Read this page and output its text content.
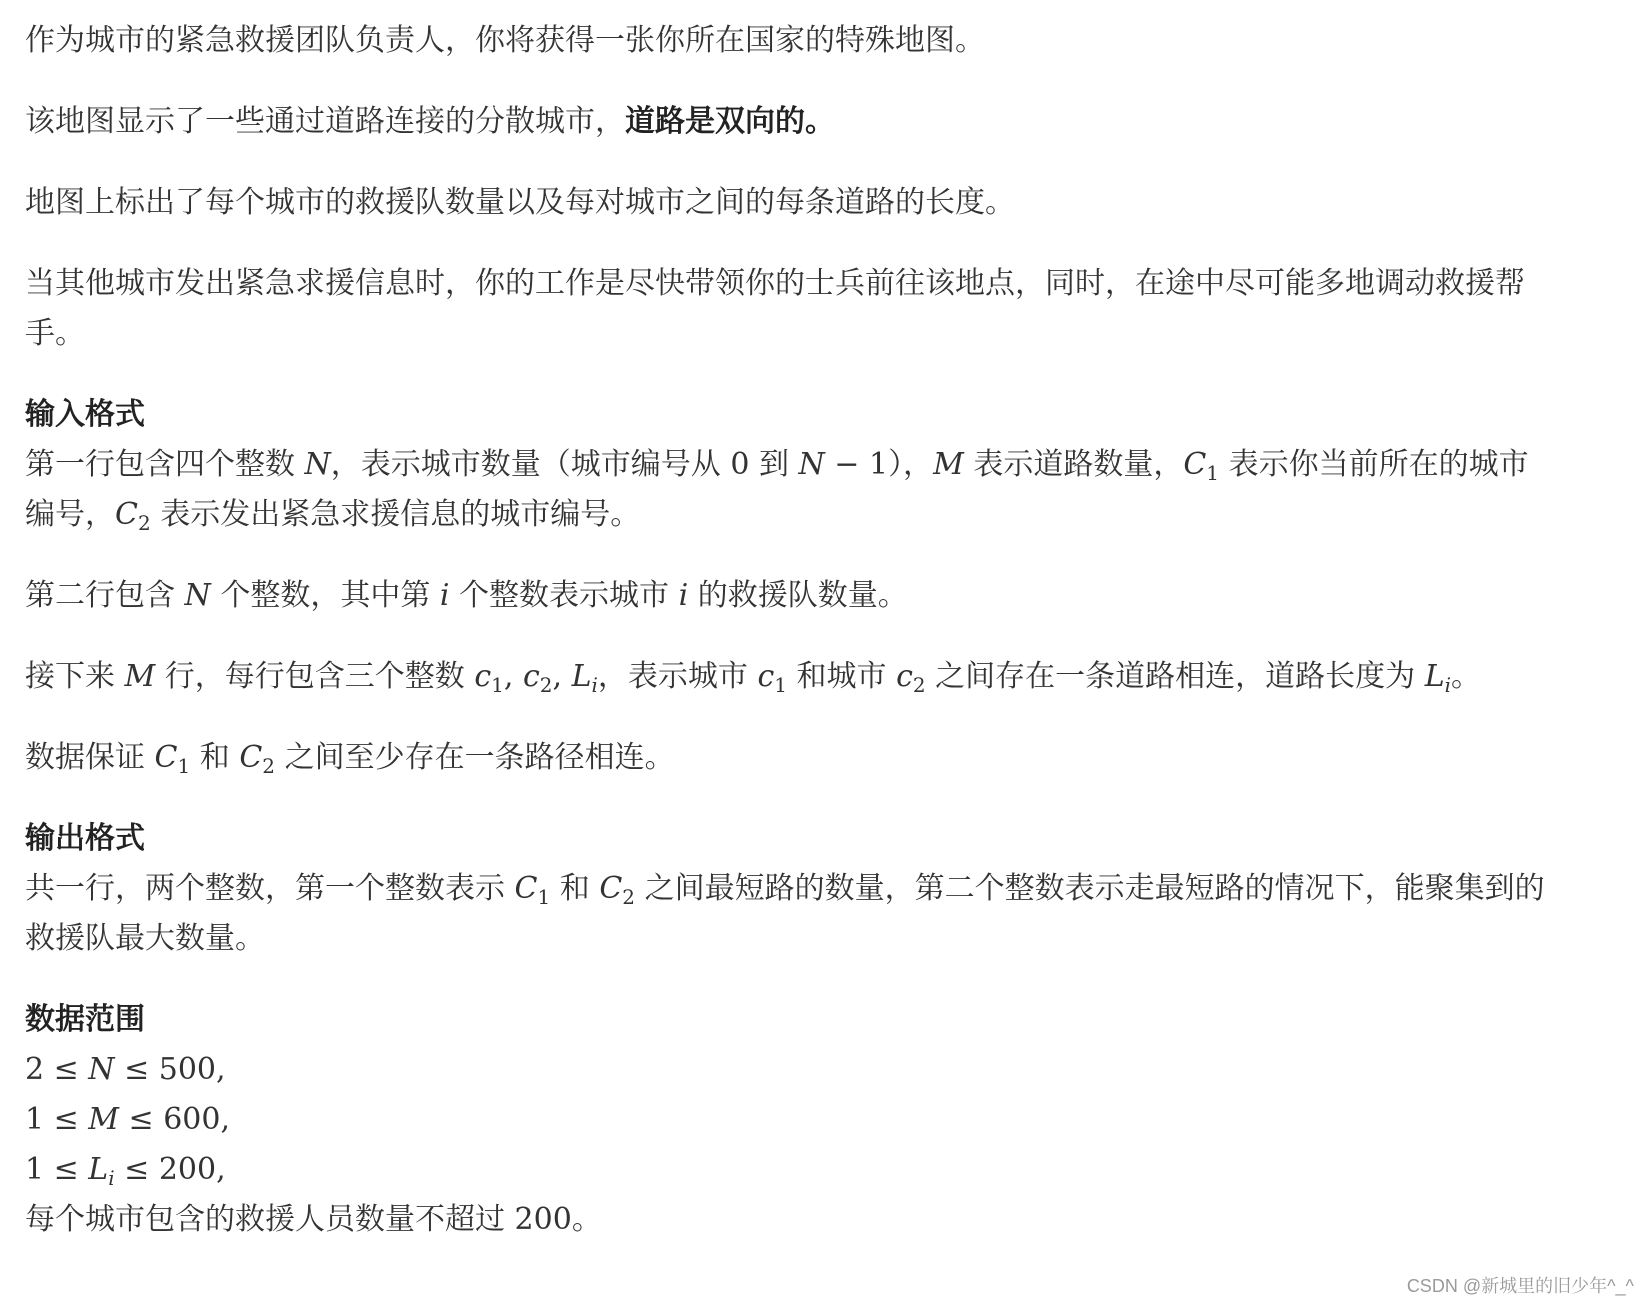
作为城市的紧急救援团队负责人，你将获得一张你所在国家的特殊地图。

该地图显示了一些通过道路连接的分散城市，道路是双向的。

地图上标出了每个城市的救援队数量以及每对城市之间的每条道路的长度。

当其他城市发出紧急求援信息时，你的工作是尽快带领你的士兵前往该地点，同时，在途中尽可能多地调动救援帮手。

输入格式

第一行包含四个整数 N，表示城市数量（城市编号从 0 到 N − 1），M 表示道路数量，$C_1$ 表示你当前所在的城市编号，$C_2$ 表示发出紧急求援信息的城市编号。

第二行包含 N 个整数，其中第 i 个整数表示城市 i 的救援队数量。

接下来 M 行，每行包含三个整数 $c_1$, $c_2$, $L_i$，表示城市 $c_1$ 和城市 $c_2$ 之间存在一条道路相连，道路长度为 $L_i$。

数据保证 $C_1$ 和 $C_2$ 之间至少存在一条路径相连。

输出格式

共一行，两个整数，第一个整数表示 $C_1$ 和 $C_2$ 之间最短路的数量，第二个整数表示走最短路的情况下，能聚集到的救援队最大数量。

数据范围

2 ≤ N ≤ 500,

1 ≤ M ≤ 600,

$1 \le L_i \le 200$,

每个城市包含的救援人员数量不超过 200。

CSDN @新城里的旧少年^_^
